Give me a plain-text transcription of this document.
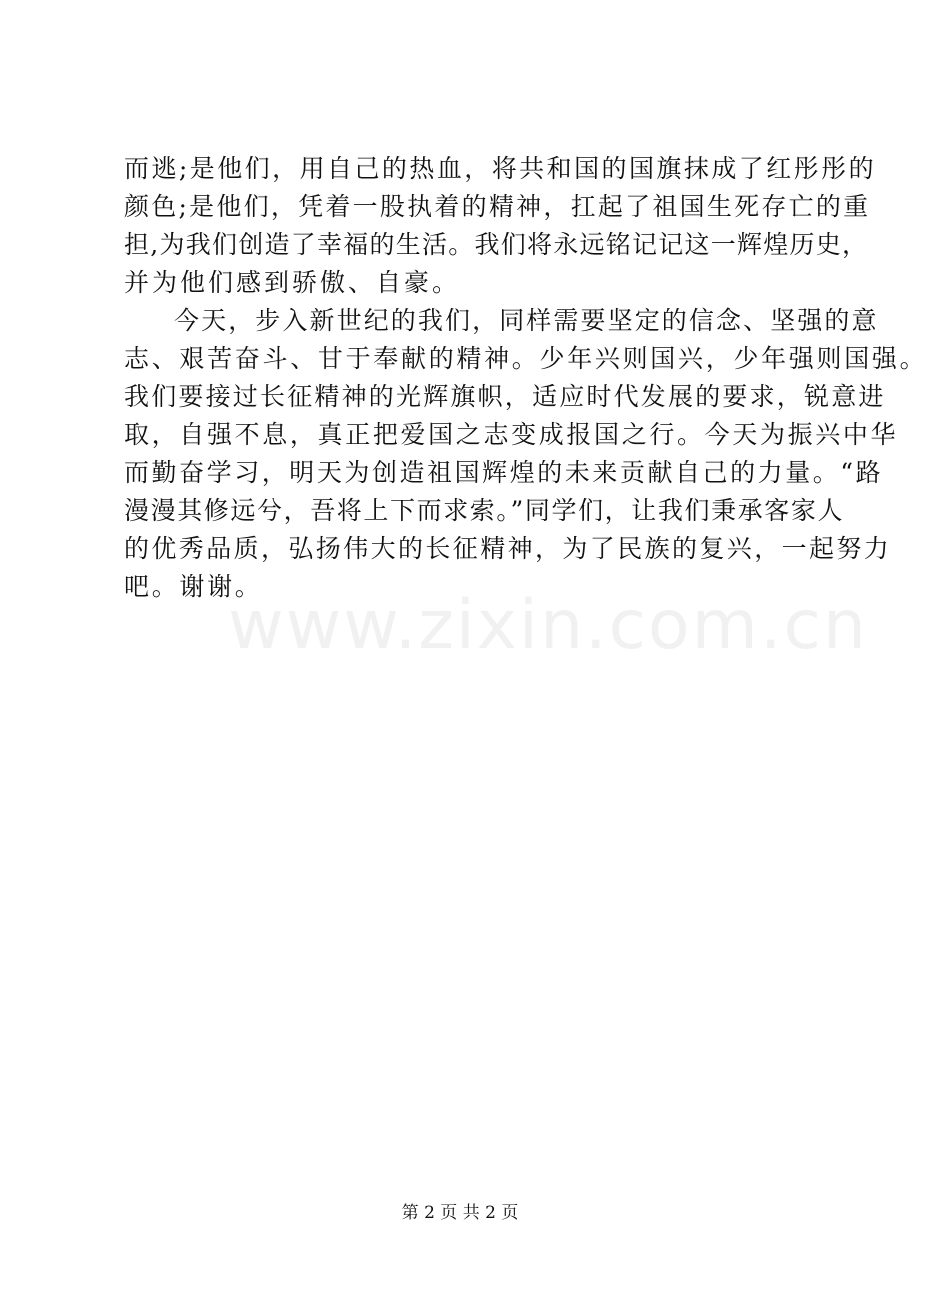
而逃;是他们，用自己的热血，将共和国的国旗抹成了红彤彤的
颜色;是他们，凭着一股执着的精神，扛起了祖国生死存亡的重
担,为我们创造了幸福的生活。我们将永远铭记记这一辉煌历史，
并为他们感到骄傲、自豪。
今天，步入新世纪的我们，同样需要坚定的信念、坚强的意
志、艰苦奋斗、甘于奉献的精神。少年兴则国兴，少年强则国强。
我们要接过长征精神的光辉旗帜，适应时代发展的要求，锐意进
取，自强不息，真正把爱国之志变成报国之行。今天为振兴中华
而勤奋学习，明天为创造祖国辉煌的未来贡献自己的力量。“路
漫漫其修远兮，吾将上下而求索。”同学们，让我们秉承客家人
的优秀品质，弘扬伟大的长征精神，为了民族的复兴，一起努力
吧。谢谢。
www.zixin.com.cn
第 2 页 共 2 页
